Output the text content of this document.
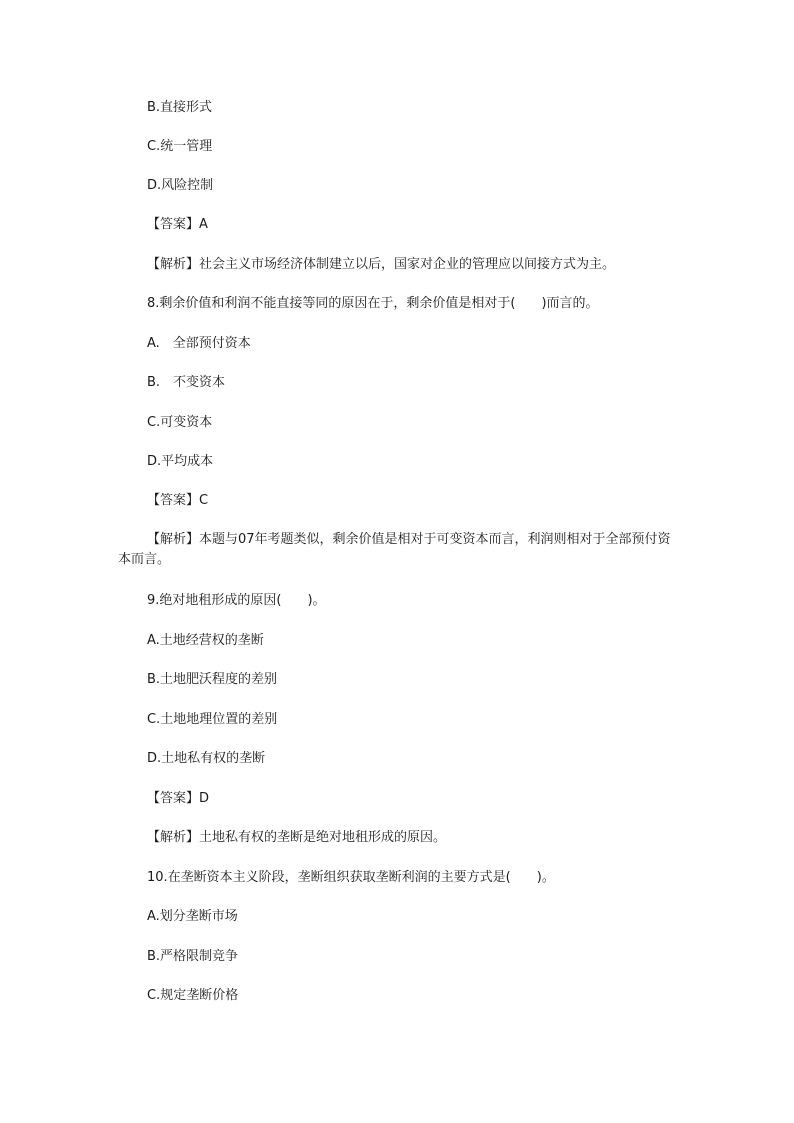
B.直接形式
C.统一管理
D.风险控制
【答案】A
【解析】社会主义市场经济体制建立以后，国家对企业的管理应以间接方式为主。
8.剩余价值和利润不能直接等同的原因在于，剩余价值是相对于(　　)而言的。
A.　全部预付资本
B.　不变资本
C.可变资本
D.平均成本
【答案】C
【解析】本题与07年考题类似，剩余价值是相对于可变资本而言，利润则相对于全部预付资本而言。
9.绝对地租形成的原因(　　)。
A.土地经营权的垄断
B.土地肥沃程度的差别
C.土地地理位置的差别
D.土地私有权的垄断
【答案】D
【解析】土地私有权的垄断是绝对地租形成的原因。
10.在垄断资本主义阶段，垄断组织获取垄断利润的主要方式是(　　)。
A.划分垄断市场
B.严格限制竞争
C.规定垄断价格
